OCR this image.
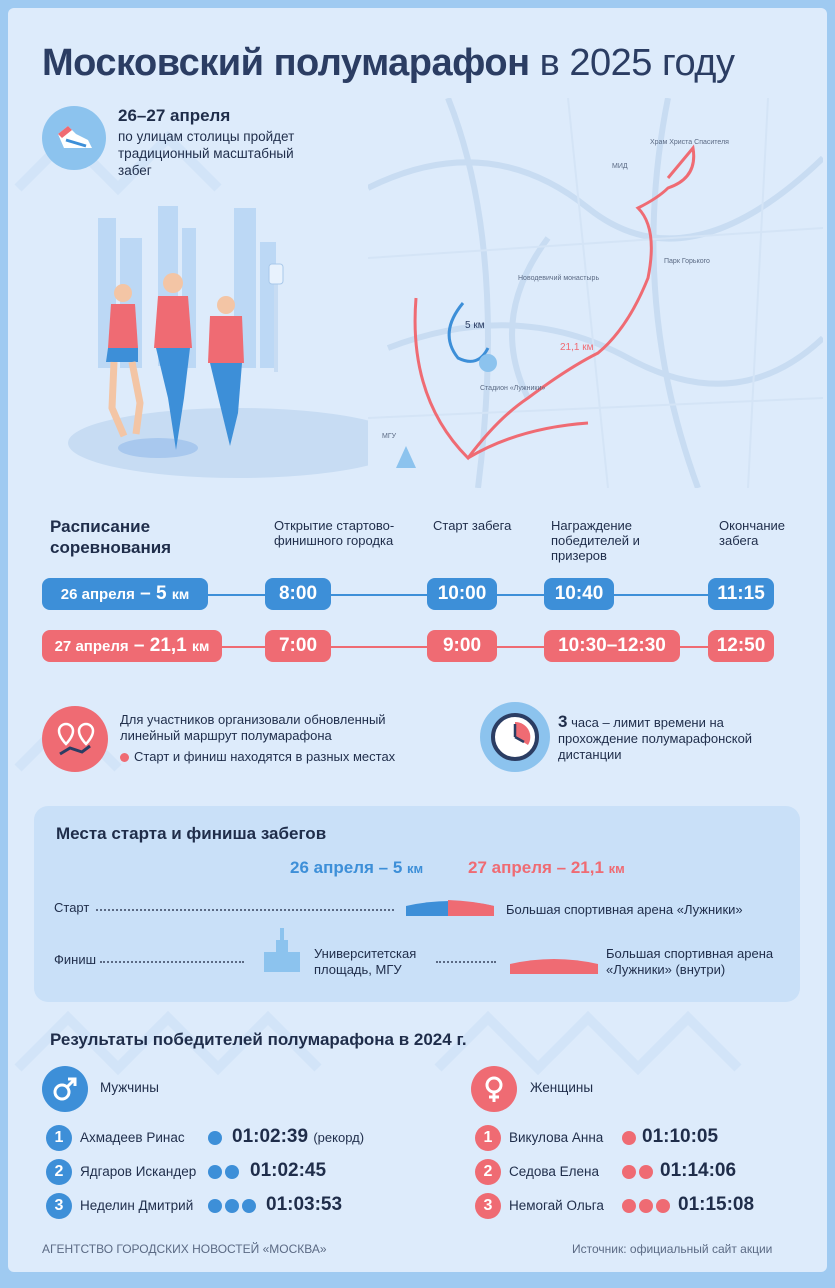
Московский полумарафон в 2025 году
26–27 апреля
по улицам столицы пройдет традиционный масштабный забег
5 км
21,1 км
МИД
Храм Христа Спасителя
Парк Горького
Новодевичий монастырь
Стадион «Лужники»
МГУ
Расписание соревнования
Открытие стартово-финишного городка
Старт забега	Награждение победителей и призеров
Окончание забега
26 апреля – 5
км	8:00	10:00	10:40	11:15
27 апреля – 21,1
км	7:00	9:00	10:30–12:30	12:50
Для участников организовали обновленный линейный маршрут полумарафона
Старт и финиш находятся в разных местах
3 часа – лимит времени на прохождение полумарафонской дистанции
Места старта и финиша забегов
26 апреля – 5 км	27 апреля – 21,1 км
Старт	Большая спортивная арена «Лужники»
Финиш	Университетская площадь, МГУ
Большая спортивная арена «Лужники» (внутри)
Результаты победителей полумарафона в 2024 г.
Мужчины	Женщины
1	Ахмадеев Ринас 01:02:39 (рекорд)
2	Ядгаров Искандер	01:02:45
3	Неделин Дмитрий	01:03:53
1	Викулова Анна 01:10:05
2	Седова Елена	01:14:06
3	Немогай Ольга	01:15:08
АГЕНТСТВО ГОРОДСКИХ НОВОСТЕЙ «МОСКВА»	Источник: официальный сайт акции
